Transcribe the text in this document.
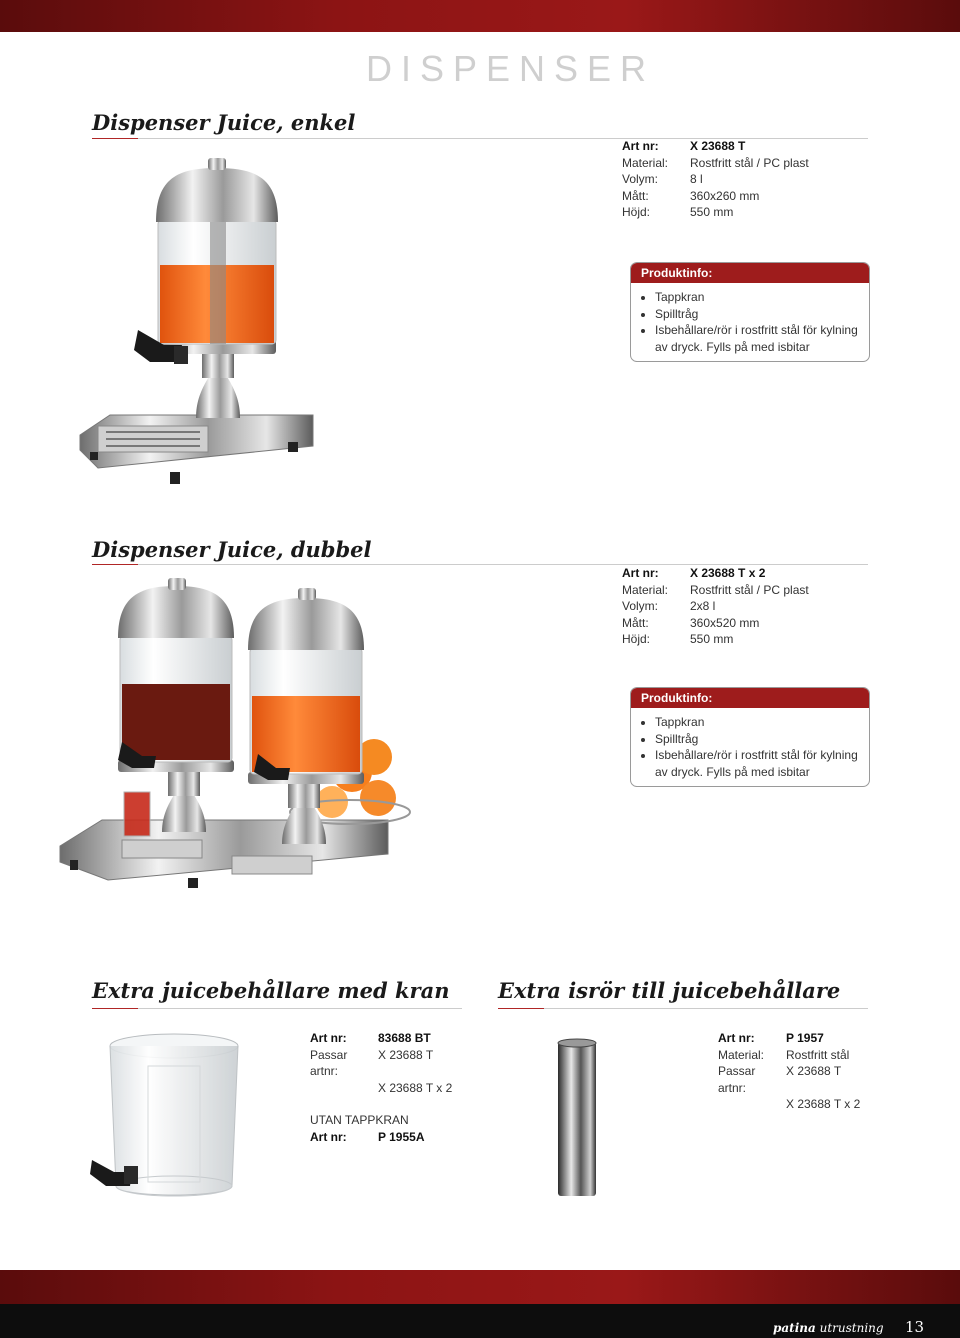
DISPENSER
Dispenser Juice, enkel
Art nr:	X 23688 T
Material:	Rostfritt stål / PC plast
Volym:	8 l
Mått:	360x260 mm
Höjd:	550 mm
Produktinfo:
• Tappkran
• Spilltråg
• Isbehållare/rör i rostfritt stål för kylning av dryck. Fylls på med isbitar
Dispenser Juice, dubbel
Art nr:	X 23688 T x 2
Material:	Rostfritt stål / PC plast
Volym:	2x8 l
Mått:	360x520 mm
Höjd:	550 mm
Produktinfo:
• Tappkran
• Spilltråg
• Isbehållare/rör i rostfritt stål för kylning av dryck. Fylls på med isbitar
Extra juicebehållare med kran
Art nr:	83688 BT
Passar artnr:
X 23688 T
X 23688 T x 2
UTAN TAPPKRAN
Art nr:	P 1955A
Extra isrör till juicebehållare
Art nr:	P 1957
Material:	Rostfritt stål
Passar artnr:
X 23688 T
X 23688 T x 2
patina utrustning 13
